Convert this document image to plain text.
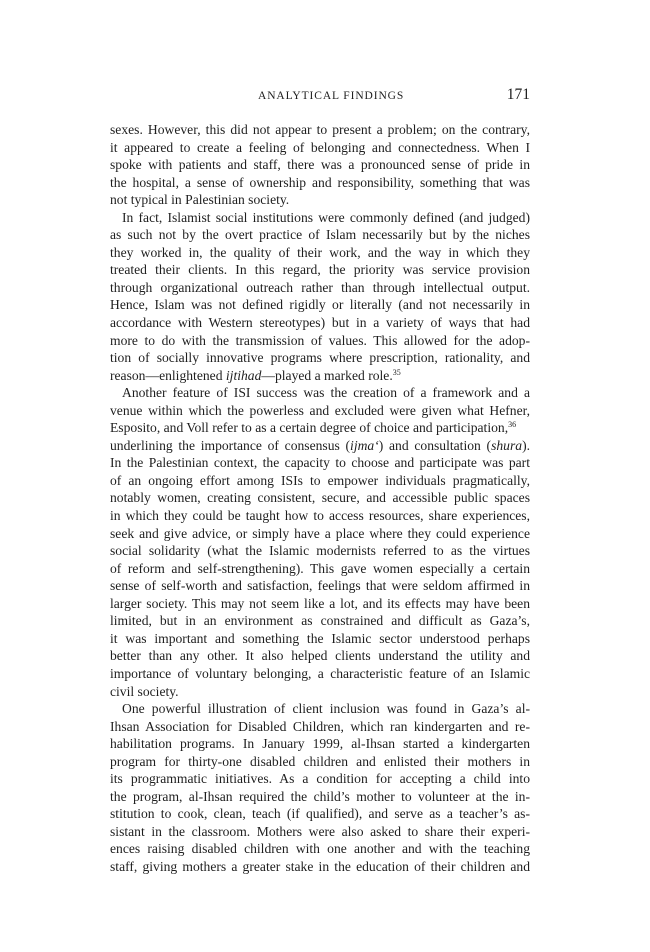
ANALYTICAL FINDINGS	171
sexes. However, this did not appear to present a problem; on the contrary,
it appeared to create a feeling of belonging and connectedness. When I
spoke with patients and staff, there was a pronounced sense of pride in
the hospital, a sense of ownership and responsibility, something that was
not typical in Palestinian society.
In fact, Islamist social institutions were commonly defined (and judged)
as such not by the overt practice of Islam necessarily but by the niches
they worked in, the quality of their work, and the way in which they
treated their clients. In this regard, the priority was service provision
through organizational outreach rather than through intellectual output.
Hence, Islam was not defined rigidly or literally (and not necessarily in
accordance with Western stereotypes) but in a variety of ways that had
more to do with the transmission of values. This allowed for the adop-
tion of socially innovative programs where prescription, rationality, and
reason—enlightened ijtihad—played a marked role.$^{35}$
Another feature of ISI success was the creation of a framework and a
venue within which the powerless and excluded were given what Hefner,
Esposito, and Voll refer to as a certain degree of choice and participation,$^{36}$
underlining the importance of consensus (ijma‘) and consultation (shura).
In the Palestinian context, the capacity to choose and participate was part
of an ongoing effort among ISIs to empower individuals pragmatically,
notably women, creating consistent, secure, and accessible public spaces
in which they could be taught how to access resources, share experiences,
seek and give advice, or simply have a place where they could experience
social solidarity (what the Islamic modernists referred to as the virtues
of reform and self-strengthening). This gave women especially a certain
sense of self-worth and satisfaction, feelings that were seldom affirmed in
larger society. This may not seem like a lot, and its effects may have been
limited, but in an environment as constrained and difficult as Gaza’s,
it was important and something the Islamic sector understood perhaps
better than any other. It also helped clients understand the utility and
importance of voluntary belonging, a characteristic feature of an Islamic
civil society.
One powerful illustration of client inclusion was found in Gaza’s al-
Ihsan Association for Disabled Children, which ran kindergarten and re-
habilitation programs. In January 1999, al-Ihsan started a kindergarten
program for thirty-one disabled children and enlisted their mothers in
its programmatic initiatives. As a condition for accepting a child into
the program, al-Ihsan required the child’s mother to volunteer at the in-
stitution to cook, clean, teach (if qualified), and serve as a teacher’s as-
sistant in the classroom. Mothers were also asked to share their experi-
ences raising disabled children with one another and with the teaching
staff, giving mothers a greater stake in the education of their children and
